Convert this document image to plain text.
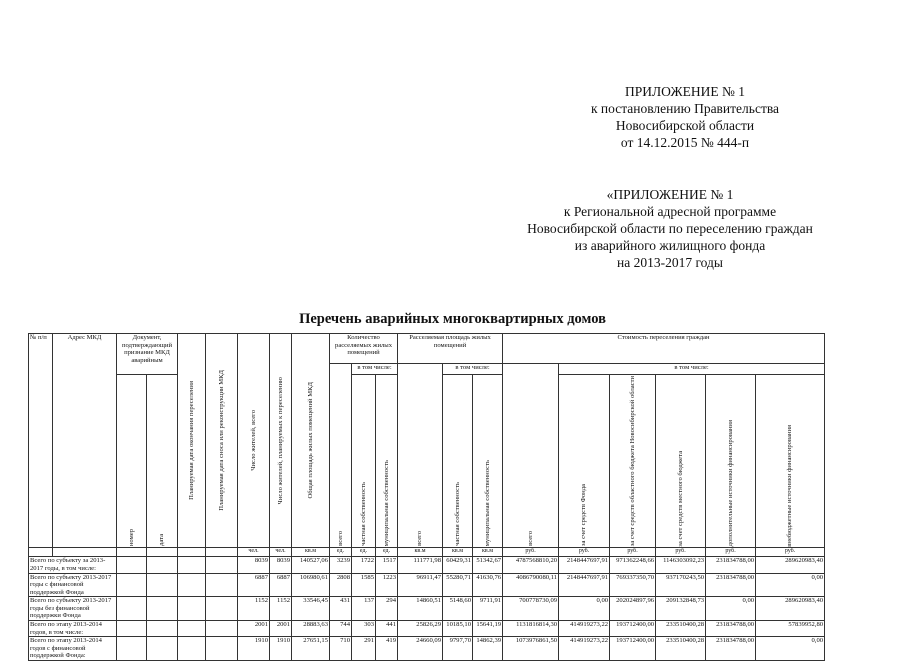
ПРИЛОЖЕНИЕ № 1
к постановлению Правительства
Новосибирской области
от 14.12.2015 № 444-п
«ПРИЛОЖЕНИЕ № 1
к Региональной адресной программе
Новосибирской области по переселению граждан
из аварийного жилищного фонда
на 2013-2017 годы
Перечень аварийных многоквартирных домов
№ п/п	Адрес МКД	Документ, подтверждающий признание МКД аварийным		Планируемая дата окончания переселения	Планируемая дата сноса или реконструкции МКД	Число жителей, всего	Число жителей, планируемых к переселению	Общая площадь жилых помещений МКД	Количество расселяемых жилых помещений			Расселяемая площадь жилых помещений			Стоимость переселения граждан					

									всего	в том числе:		всего	в том числе:		всего	в том числе:				

		номер	дата							частная собственность	муниципальная собственность		частная собственность	муниципальная собственность		за счет средств Фонда	за счет средств областного бюджета Новосибирской области	за счет средств местного бюджета	дополнительные источники финансирования	внебюджетные источники финансирования

						чел.	чел.	кв.м	ед.	ед.	ед.	кв.м	кв.м	кв.м	руб.	руб.	руб.	руб.	руб.	руб.
Всего по субъекту за 2013-2017 годы, в том числе:						8039	8039	140527,06	3239	1722	1517	111771,98	60429,31	51342,67	4787568810,20	2148447697,91	971362248,66	1146303092,23	231834788,00	289620983,40
Всего по субъекту 2013-2017 годы с финансовой поддержкой Фонда						6887	6887	106980,61	2808	1585	1223	96911,47	55280,71	41630,76	4086790080,11	2148447697,91	769337350,70	937170243,50	231834788,00	0,00
Всего по субъекту 2013-2017 годы без финансовой поддержки Фонда						1152	1152	33546,45	431	137	294	14860,51	5148,60	9711,91	700778730,09	0,00	202024897,96	209132848,73	0,00	289620983,40
Всего по этапу 2013-2014 годов, в том числе:						2001	2001	28883,63	744	303	441	25826,29	10185,10	15641,19	1131816814,30	414919273,22	193712400,00	233510400,28	231834788,00	57839952,80
Всего по этапу 2013-2014 годов с финансовой поддержкой Фонда:						1910	1910	27651,15	710	291	419	24660,09	9797,70	14862,39	1073976861,50	414919273,22	193712400,00	233510400,28	231834788,00	0,00
